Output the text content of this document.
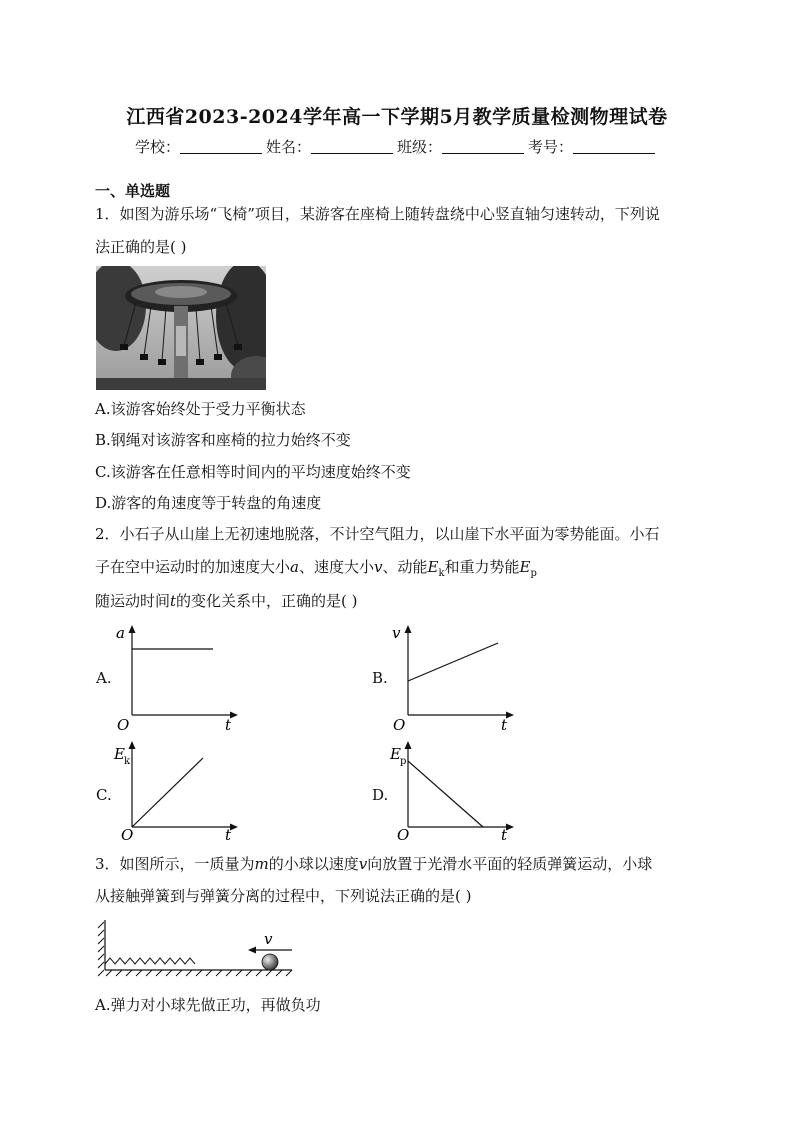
江西省2023-2024学年高一下学期5月教学质量检测物理试卷
学校：	姓名：	班级：	考号：
一、单选题
1．如图为游乐场“飞椅”项目，某游客在座椅上随转盘绕中心竖直轴匀速转动，下列说
法正确的是( )
A.该游客始终处于受力平衡状态
B.钢绳对该游客和座椅的拉力始终不变
C.该游客在任意相等时间内的平均速度始终不变
D.游客的角速度等于转盘的角速度
2．小石子从山崖上无初速地脱落，不计空气阻力，以山崖下水平面为零势能面。小石
子在空中运动时的加速度大小a、速度大小v、动能$E_k$和重力势能$E_p$
随运动时间t的变化关系中，正确的是( )
A.
a
O	t
B.
v
O	t
C.
E k
O	t
D.
E p
O	t
3．如图所示，一质量为m的小球以速度v向放置于光滑水平面的轻质弹簧运动，小球
从接触弹簧到与弹簧分离的过程中，下列说法正确的是( )
v
A.弹力对小球先做正功，再做负功
